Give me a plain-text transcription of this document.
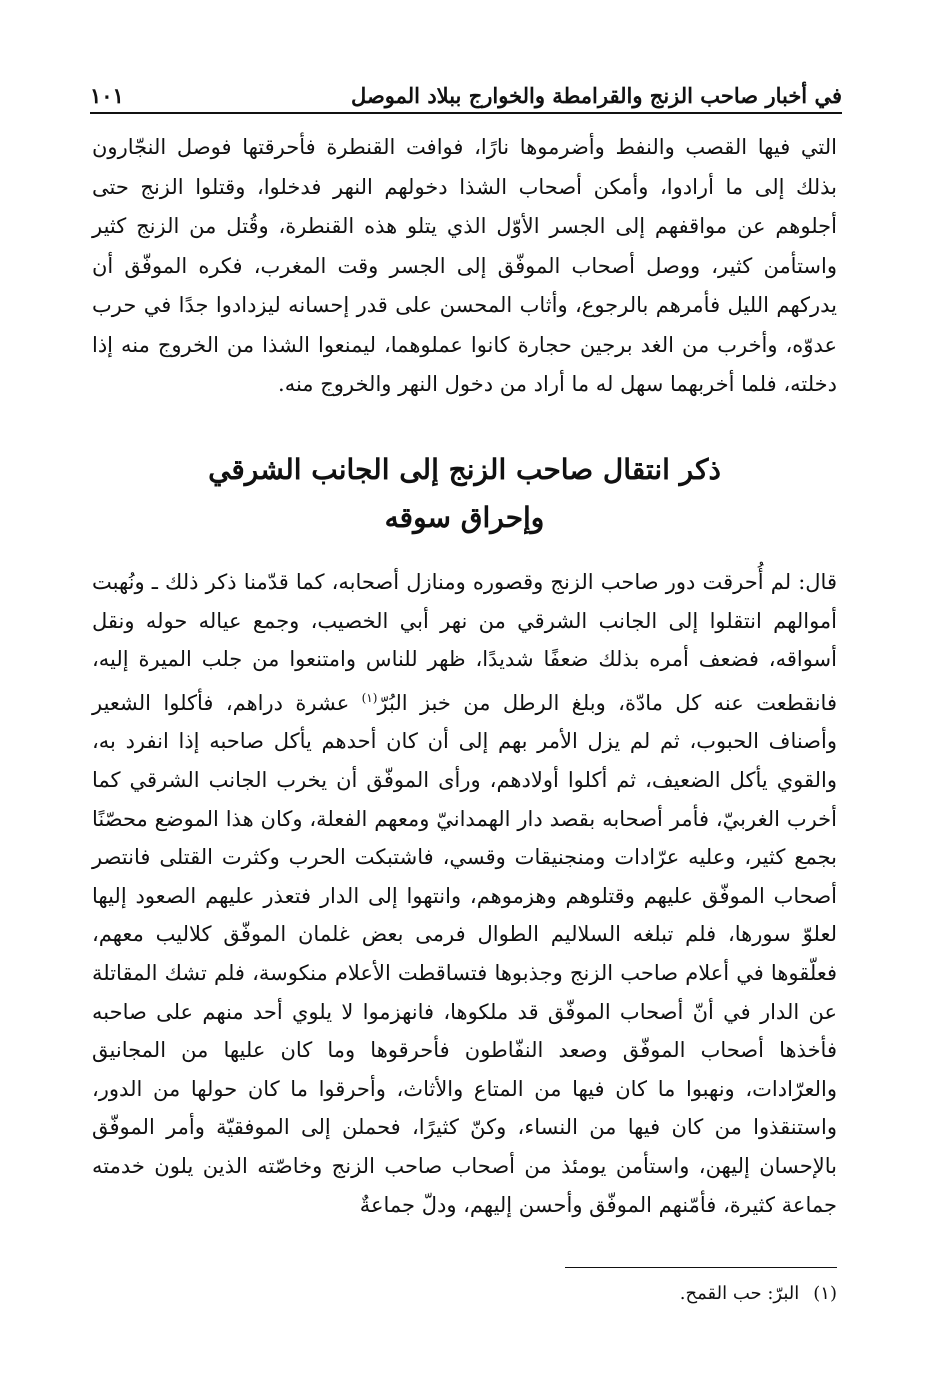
في أخبار صاحب الزنج والقرامطة والخوارج ببلاد الموصل
١٠١

التي فيها القصب والنفط وأضرموها نارًا، فوافت القنطرة فأحرقتها فوصل النجّارون بذلك إلى ما أرادوا، وأمكن أصحاب الشذا دخولهم النهر فدخلوا، وقتلوا الزنج حتى أجلوهم عن مواقفهم إلى الجسر الأوّل الذي يتلو هذه القنطرة، وقُتل من الزنج كثير واستأمن كثير، ووصل أصحاب الموفّق إلى الجسر وقت المغرب، فكره الموفّق أن يدركهم الليل فأمرهم بالرجوع، وأثاب المحسن على قدر إحسانه ليزدادوا جدًا في حرب عدوّه، وأخرب من الغد برجين حجارة كانوا عملوهما، ليمنعوا الشذا من الخروج منه إذا دخلته، فلما أخربهما سهل له ما أراد من دخول النهر والخروج منه.

ذكر انتقال صاحب الزنج إلى الجانب الشرقي
وإحراق سوقه

قال: لم أُحرقت دور صاحب الزنج وقصوره ومنازل أصحابه، كما قدّمنا ذكر ذلك ـ ونُهبت أموالهم انتقلوا إلى الجانب الشرقي من نهر أبي الخصيب، وجمع عياله حوله ونقل أسواقه، فضعف أمره بذلك ضعفًا شديدًا، ظهر للناس وامتنعوا من جلب الميرة إليه، فانقطعت عنه كل مادّة، وبلغ الرطل من خبز البُرّ$^{(١)}$ عشرة دراهم، فأكلوا الشعير وأصناف الحبوب، ثم لم يزل الأمر بهم إلى أن كان أحدهم يأكل صاحبه إذا انفرد به، والقوي يأكل الضعيف، ثم أكلوا أولادهم، ورأى الموفّق أن يخرب الجانب الشرقي كما أخرب الغربيّ، فأمر أصحابه بقصد دار الهمدانيّ ومعهم الفعلة، وكان هذا الموضع محصّنًا بجمع كثير، وعليه عرّادات ومنجنيقات وقسي، فاشتبكت الحرب وكثرت القتلى فانتصر أصحاب الموفّق عليهم وقتلوهم وهزموهم، وانتهوا إلى الدار فتعذر عليهم الصعود إليها لعلوّ سورها، فلم تبلغه السلاليم الطوال فرمى بعض غلمان الموفّق كلاليب معهم، فعلّقوها في أعلام صاحب الزنج وجذبوها فتساقطت الأعلام منكوسة، فلم تشك المقاتلة عن الدار في أنّ أصحاب الموفّق قد ملكوها، فانهزموا لا يلوي أحد منهم على صاحبه فأخذها أصحاب الموفّق وصعد النفّاطون فأحرقوها وما كان عليها من المجانيق والعرّادات، ونهبوا ما كان فيها من المتاع والأثاث، وأحرقوا ما كان حولها من الدور، واستنقذوا من كان فيها من النساء، وكنّ كثيرًا، فحملن إلى الموفقيّة وأمر الموفّق بالإحسان إليهن، واستأمن يومئذ من أصحاب صاحب الزنج وخاصّته الذين يلون خدمته جماعة كثيرة، فأمّنهم الموفّق وأحسن إليهم، ودلّ جماعةٌ

(١)البرّ: حب القمح.
